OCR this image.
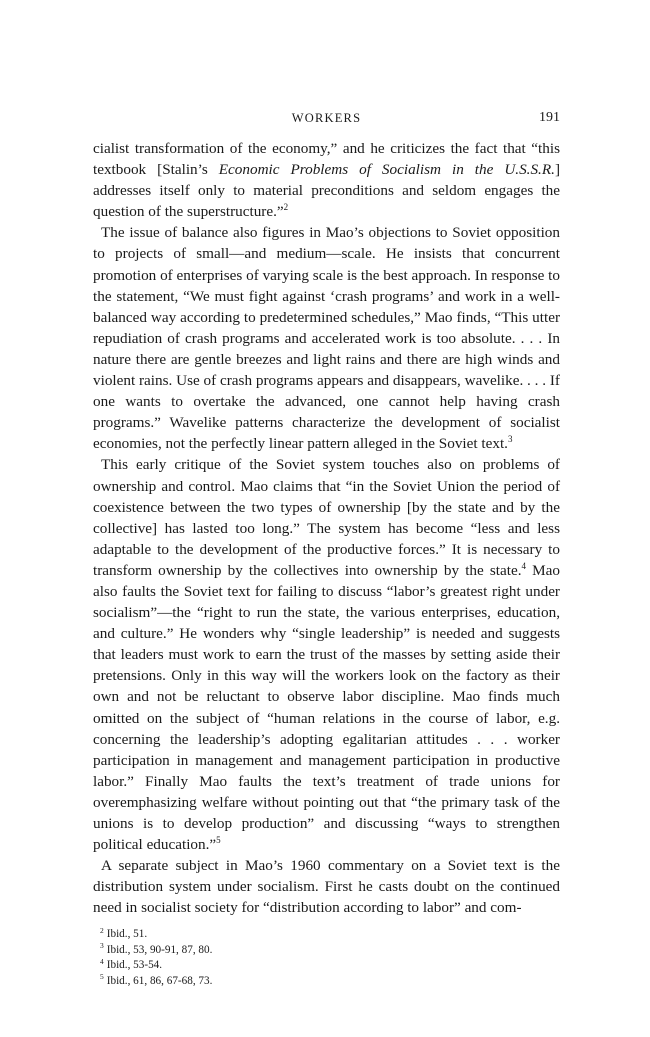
WORKERS	191

cialist transformation of the economy,” and he criticizes the fact that “this textbook [Stalin’s Economic Problems of Socialism in the U.S.S.R.] addresses itself only to material preconditions and seldom engages the question of the superstructure.”$^2$

The issue of balance also figures in Mao’s objections to Soviet opposition to projects of small—and medium—scale. He insists that concurrent promotion of enterprises of varying scale is the best approach. In response to the statement, “We must fight against ‘crash programs’ and work in a well-balanced way according to predetermined schedules,” Mao finds, “This utter repudiation of crash programs and accelerated work is too absolute. . . . In nature there are gentle breezes and light rains and there are high winds and violent rains. Use of crash programs appears and disappears, wavelike. . . . If one wants to overtake the advanced, one cannot help having crash programs.” Wavelike patterns characterize the development of socialist economies, not the perfectly linear pattern alleged in the Soviet text.$^3$

This early critique of the Soviet system touches also on problems of ownership and control. Mao claims that “in the Soviet Union the period of coexistence between the two types of ownership [by the state and by the collective] has lasted too long.” The system has become “less and less adaptable to the development of the productive forces.” It is necessary to transform ownership by the collectives into ownership by the state.$^4$ Mao also faults the Soviet text for failing to discuss “labor’s greatest right under socialism”—the “right to run the state, the various enterprises, education, and culture.” He wonders why “single leadership” is needed and suggests that leaders must work to earn the trust of the masses by setting aside their pretensions. Only in this way will the workers look on the factory as their own and not be reluctant to observe labor discipline. Mao finds much omitted on the subject of “human relations in the course of labor, e.g. concerning the leadership’s adopting egalitarian attitudes . . . worker participation in management and management participation in productive labor.” Finally Mao faults the text’s treatment of trade unions for overemphasizing welfare without pointing out that “the primary task of the unions is to develop production” and discussing “ways to strengthen political education.”$^5$

A separate subject in Mao’s 1960 commentary on a Soviet text is the distribution system under socialism. First he casts doubt on the continued need in socialist society for “distribution according to labor” and com-

$^2$ Ibid., 51.
$^3$ Ibid., 53, 90-91, 87, 80.
$^4$ Ibid., 53-54.
$^5$ Ibid., 61, 86, 67-68, 73.
